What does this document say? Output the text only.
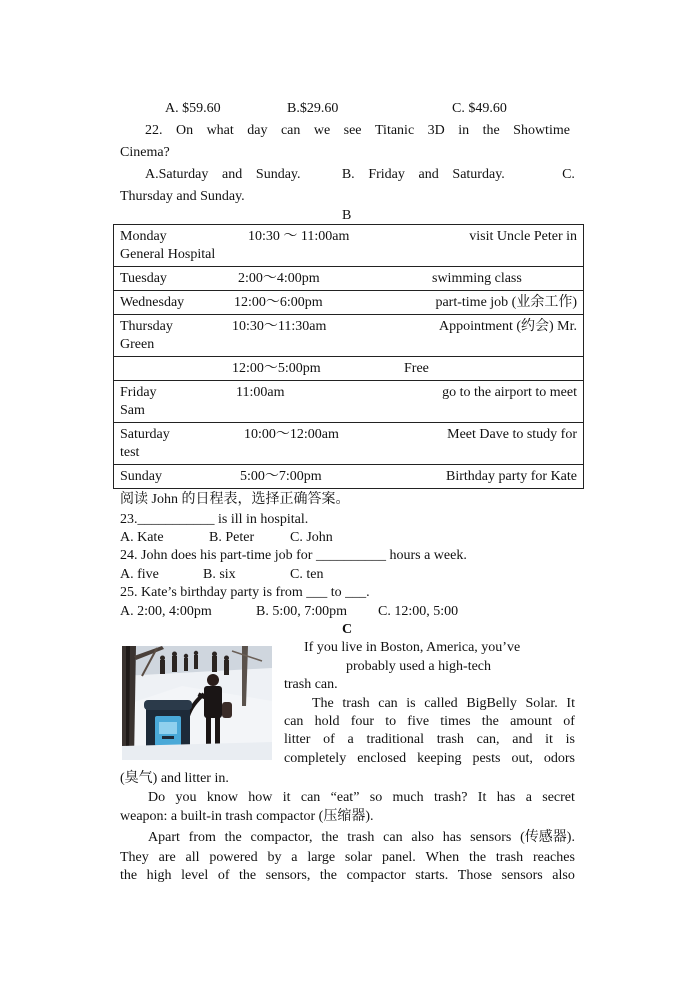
A. $59.60	B.$29.60	C. $49.60
22. On what day can we see Titanic 3D in the Showtime
Cinema?
A.Saturday and Sunday.	B. Friday and Saturday.	C.
Thursday and Sunday.
B
Monday	10:30 ～ 11:00am	visit Uncle Peter in
General Hospital

Tuesday	2:00～4:00pm	swimming class

Wednesday	12:00～6:00pm	part-time job (业余工作)

Thursday	10:30～11:30am	Appointment (约会) Mr.
Green

12:00～5:00pm	Free

Friday	11:00am	go to the airport to meet
Sam

Saturday	10:00～12:00am	Meet Dave to study for
test

Sunday	5:00～7:00pm	Birthday party for Kate
阅读 John 的日程表，选择正确答案。
23.___________ is ill in hospital.
A. Kate	B. Peter	C. John
24. John does his part-time job for __________ hours a week.
A. five	B. six	C. ten
25. Kate’s birthday party is from ___ to ___.
A. 2:00, 4:00pm	B. 5:00, 7:00pm C. 12:00, 5:00
C
If you live in Boston, America, you’ve
probably used a high-tech
trash can.
The trash can is called BigBelly Solar. It
can hold four to five times the amount of
litter of a traditional trash can, and it is
completely enclosed keeping pests out, odors
(臭气) and litter in.
Do you know how it can “eat” so much trash? It has a secret
weapon: a built-in trash compactor (压缩器).
Apart from the compactor, the trash can also has sensors (传感器).
They are all powered by a large solar panel. When the trash reaches
the high level of the sensors, the compactor starts. Those sensors also
